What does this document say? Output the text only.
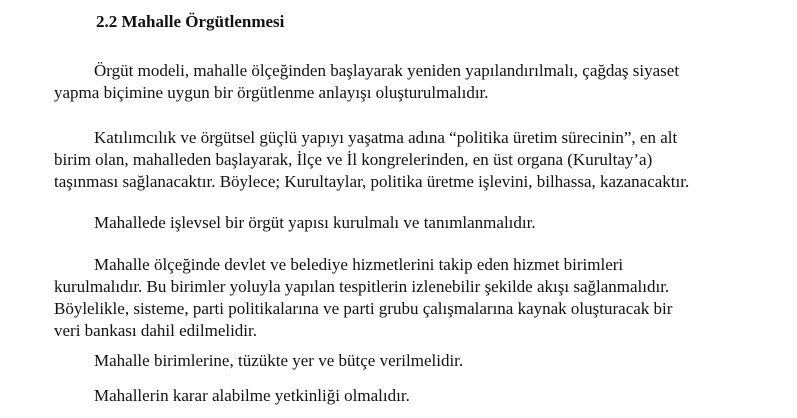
2.2 Mahalle Örgütlenmesi

Örgüt modeli, mahalle ölçeğinden başlayarak yeniden yapılandırılmalı, çağdaş siyaset
yapma biçimine uygun bir örgütlenme anlayışı oluşturulmalıdır.

Katılımcılık ve örgütsel güçlü yapıyı yaşatma adına “politika üretim sürecinin”, en alt
birim olan, mahalleden başlayarak, İlçe ve İl kongrelerinden, en üst organa (Kurultay’a)
taşınması sağlanacaktır. Böylece; Kurultaylar, politika üretme işlevini, bilhassa, kazanacaktır.

Mahallede işlevsel bir örgüt yapısı kurulmalı ve tanımlanmalıdır.

Mahalle ölçeğinde devlet ve belediye hizmetlerini takip eden hizmet birimleri
kurulmalıdır. Bu birimler yoluyla yapılan tespitlerin izlenebilir şekilde akışı sağlanmalıdır.
Böylelikle, sisteme, parti politikalarına ve parti grubu çalışmalarına kaynak oluşturacak bir
veri bankası dahil edilmelidir.

Mahalle birimlerine, tüzükte yer ve bütçe verilmelidir.

Mahallerin karar alabilme yetkinliği olmalıdır.
